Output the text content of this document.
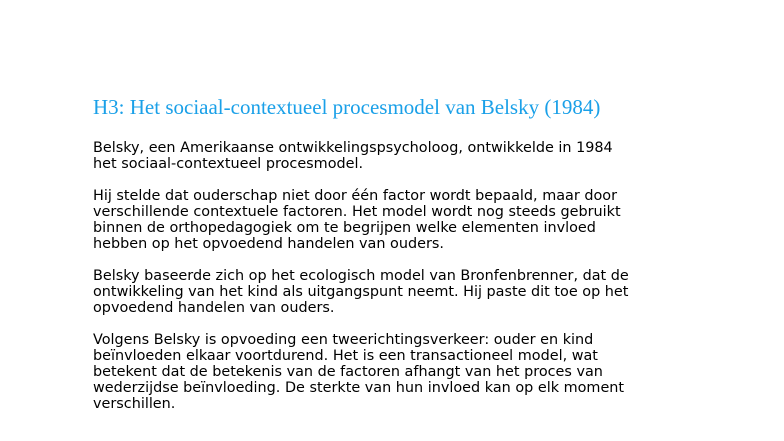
H3: Het sociaal-contextueel procesmodel van Belsky (1984)

Belsky, een Amerikaanse ontwikkelingspsycholoog, ontwikkelde in 1984
het sociaal-contextueel procesmodel.

Hij stelde dat ouderschap niet door één factor wordt bepaald, maar door
verschillende contextuele factoren. Het model wordt nog steeds gebruikt
binnen de orthopedagogiek om te begrijpen welke elementen invloed
hebben op het opvoedend handelen van ouders.

Belsky baseerde zich op het ecologisch model van Bronfenbrenner, dat de
ontwikkeling van het kind als uitgangspunt neemt. Hij paste dit toe op het
opvoedend handelen van ouders.

Volgens Belsky is opvoeding een tweerichtingsverkeer: ouder en kind
beïnvloeden elkaar voortdurend. Het is een transactioneel model, wat
betekent dat de betekenis van de factoren afhangt van het proces van
wederzijdse beïnvloeding. De sterkte van hun invloed kan op elk moment
verschillen.
